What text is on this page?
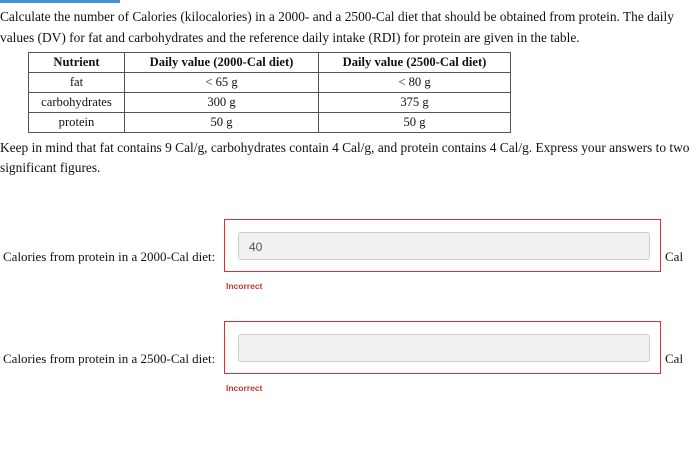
Calculate the number of Calories (kilocalories) in a 2000- and a 2500-Cal diet that should be obtained from protein. The daily values (DV) for fat and carbohydrates and the reference daily intake (RDI) for protein are given in the table.

Nutrient	Daily value (2000-Cal diet)	Daily value (2500-Cal diet)
fat	< 65 g	< 80 g
carbohydrates	300 g	375 g
protein	50 g	50 g

Keep in mind that fat contains 9 Cal/g, carbohydrates contain 4 Cal/g, and protein contains 4 Cal/g. Express your answers to two significant figures.

Calories from protein in a 2000-Cal diet:
40
Cal
Incorrect
Calories from protein in a 2500-Cal diet:	Cal
Incorrect
